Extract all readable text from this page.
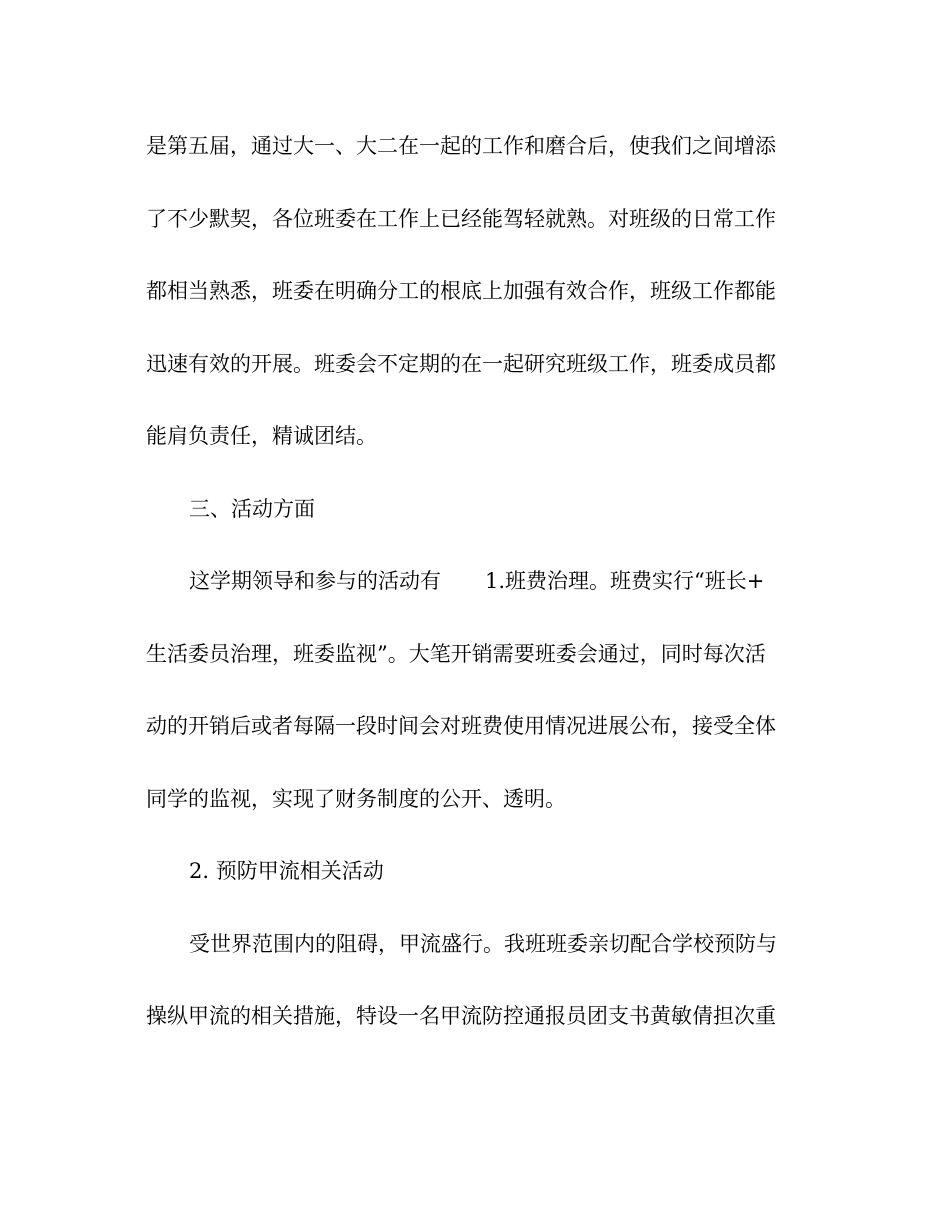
是第五届，通过大一、大二在一起的工作和磨合后，使我们之间增添
了不少默契，各位班委在工作上已经能驾轻就熟。对班级的日常工作
都相当熟悉，班委在明确分工的根底上加强有效合作，班级工作都能
迅速有效的开展。班委会不定期的在一起研究班级工作，班委成员都
能肩负责任，精诚团结。
三、活动方面
这学期领导和参与的活动有 1.班费治理。班费实行“班长+
生活委员治理，班委监视”。大笔开销需要班委会通过，同时每次活
动的开销后或者每隔一段时间会对班费使用情况进展公布，接受全体
同学的监视，实现了财务制度的公开、透明。
2. 预防甲流相关活动
受世界范围内的阻碍，甲流盛行。我班班委亲切配合学校预防与
操纵甲流的相关措施，特设一名甲流防控通报员团支书黄敏倩担次重
